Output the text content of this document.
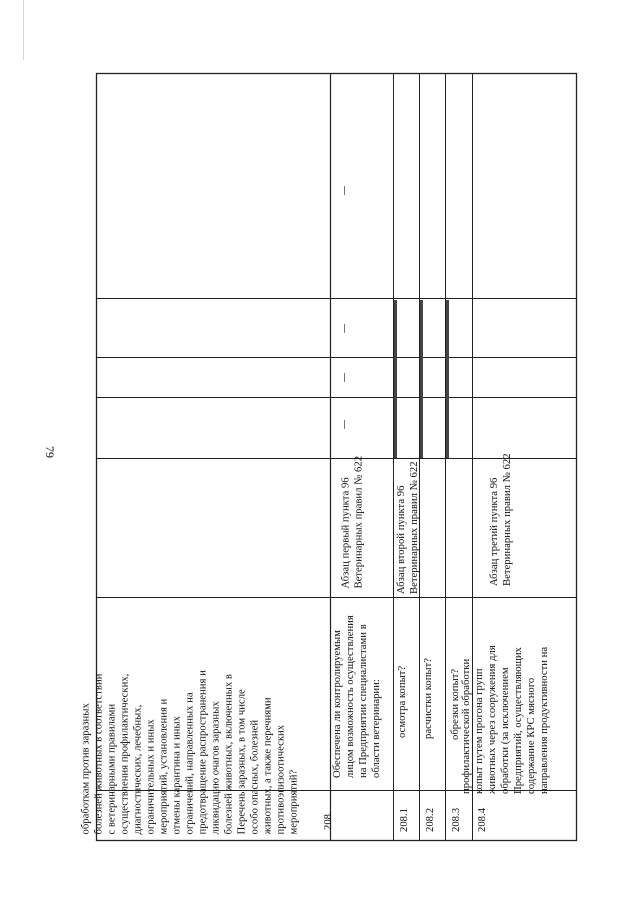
79
обработкам против заразных
болезней животных в соответствии
с ветеринарными правилами
осуществления профилактических,
диагностических, лечебных,
ограничительных и иных
мероприятий, установления и
отмены карантина и иных
ограничений, направленных на
предотвращение распространения и
ликвидацию очагов заразных
болезней животных, включенных в
Перечень заразных, в том числе
особо опасных, болезней
животных, а также перечнями
противоэпизоотических
мероприятий? 208.
Обеспечена ли контролируемым
лицом возможность осуществления
на Предприятии специалистами в
области ветеринарии:
Абзац первый пункта 96
Ветеринарных правил № 622
208.1
осмотра копыт?
Абзац второй пункта 96
Ветеринарных правил № 622
208.2
расчистки копыт?
208.3
обрезки копыт?
208.4
профилактической обработки
копыт путем прогона групп
животных через сооружения для
обработки (за исключением
Предприятий, осуществляющих
содержание КРС мясного
направления продуктивности на
Абзац третий пункта 96
Ветеринарных правил № 622
